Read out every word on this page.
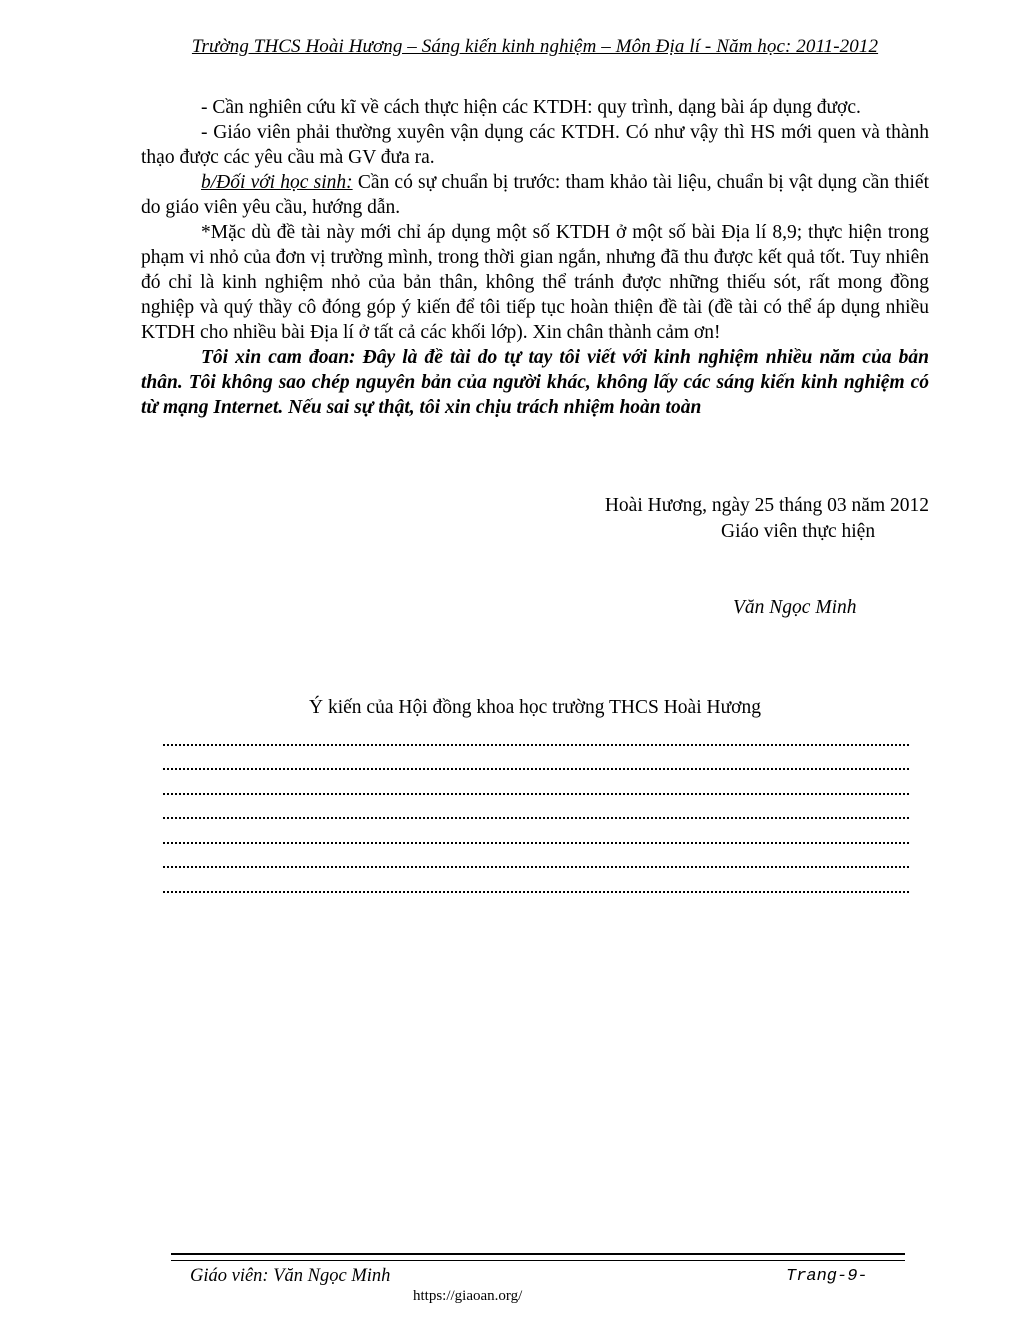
Trường THCS Hoài Hương – Sáng kiến kinh nghiệm – Môn Địa lí - Năm học: 2011-2012

- Cần nghiên cứu kĩ về cách thực hiện các KTDH: quy trình, dạng bài áp dụng được.

- Giáo viên phải thường xuyên vận dụng các KTDH. Có như vậy thì HS mới quen và thành thạo được các yêu cầu mà GV đưa ra.

b/Đối với học sinh: Cần có sự chuẩn bị trước: tham khảo tài liệu, chuẩn bị vật dụng cần thiết do giáo viên yêu cầu, hướng dẫn.

*Mặc dù đề tài này mới chỉ áp dụng một số KTDH ở một số bài Địa lí 8,9; thực hiện trong phạm vi nhỏ của đơn vị trường mình, trong thời gian ngắn, nhưng đã thu được kết quả tốt. Tuy nhiên đó chỉ là kinh nghiệm nhỏ của bản thân, không thể tránh được những thiếu sót, rất mong đồng nghiệp và quý thầy cô đóng góp ý kiến để tôi tiếp tục hoàn thiện đề tài (đề tài có thể áp dụng nhiều KTDH cho nhiều bài Địa lí ở tất cả các khối lớp). Xin chân thành cảm ơn!

Tôi xin cam đoan: Đây là đề tài do tự tay tôi viết với kinh nghiệm nhiều năm của bản thân. Tôi không sao chép nguyên bản của người khác, không lấy các sáng kiến kinh nghiệm có từ mạng Internet. Nếu sai sự thật, tôi xin chịu trách nhiệm hoàn toàn

Hoài Hương, ngày 25 tháng 03 năm 2012
Giáo viên thực hiện
Văn Ngọc Minh
Ý kiến của Hội đồng khoa học trường THCS Hoài Hương
Giáo viên: Văn Ngọc Minh	Trang-9-
https://giaoan.org/
